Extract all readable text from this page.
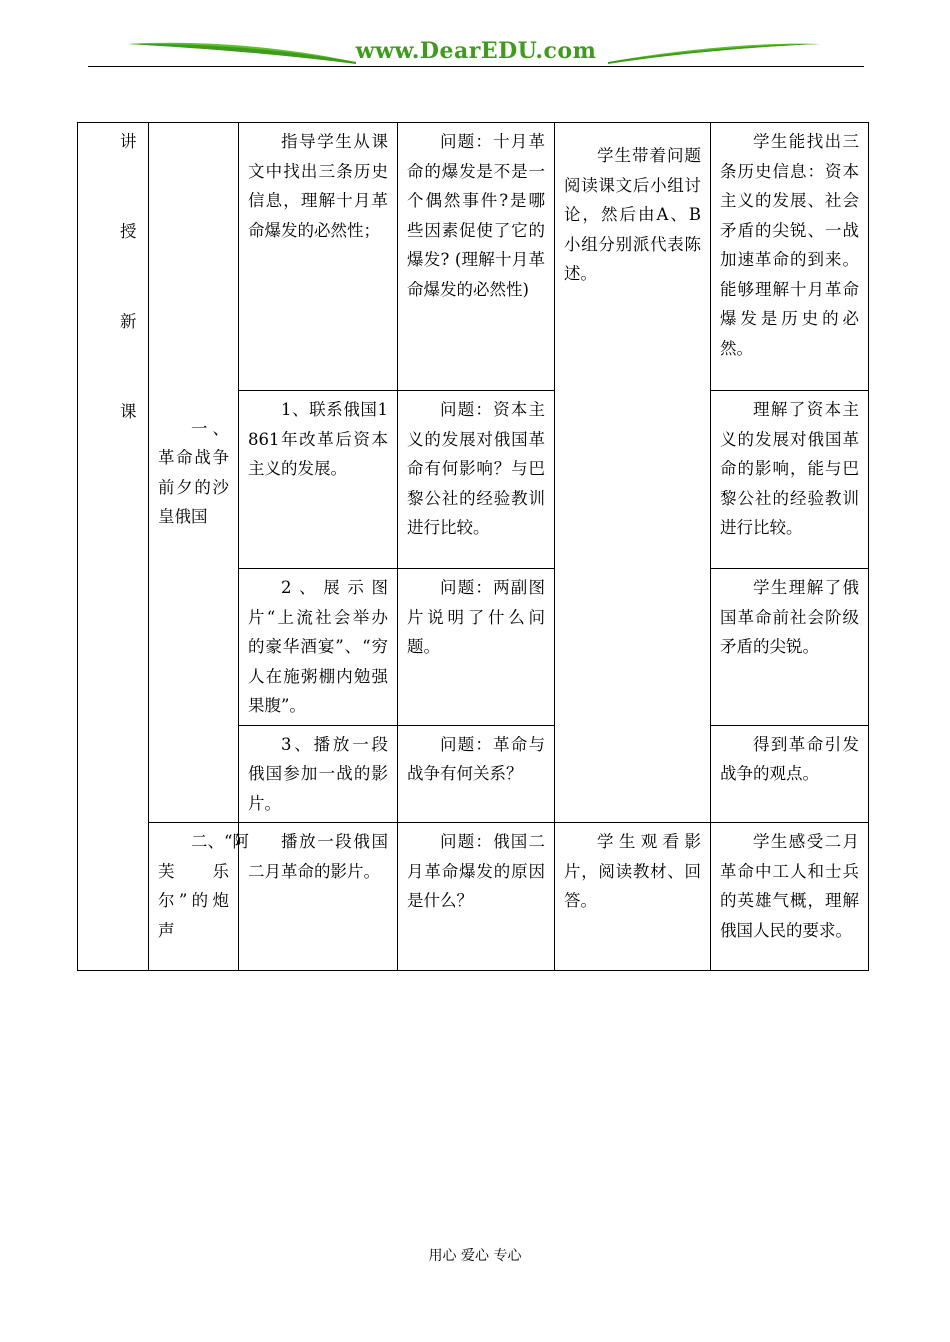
www.DearEDU.com
讲
授
新
课	一、革命战争前夕的沙皇俄国	指导学生从课文中找出三条历史信息，理解十月革命爆发的必然性；	问题：十月革命的爆发是不是一个偶然事件?是哪些因素促使了它的爆发? (理解十月革命爆发的必然性)	学生带着问题阅读课文后小组讨论，然后由A、B小组分别派代表陈述。	学生能找出三条历史信息：资本主义的发展、社会矛盾的尖锐、一战加速革命的到来。能够理解十月革命爆发是历史的必然。
		1、联系俄国1861年改革后资本主义的发展。	问题：资本主义的发展对俄国革命有何影响？与巴黎公社的经验教训进行比较。		理解了资本主义的发展对俄国革命的影响，能与巴黎公社的经验教训进行比较。
		2、展示图片“上流社会举办的豪华酒宴”、“穷人在施粥棚内勉强果腹”。	问题：两副图片说明了什么问题。		学生理解了俄国革命前社会阶级矛盾的尖锐。
		3、播放一段俄国参加一战的影片。	问题：革命与战争有何关系？		得到革命引发战争的观点。
	二、“阿芙乐尔”的炮声	播放一段俄国二月革命的影片。	问题：俄国二月革命爆发的原因是什么？	学生观看影片，阅读教材、回答。	学生感受二月革命中工人和士兵的英雄气概，理解俄国人民的要求。
用心 爱心 专心
